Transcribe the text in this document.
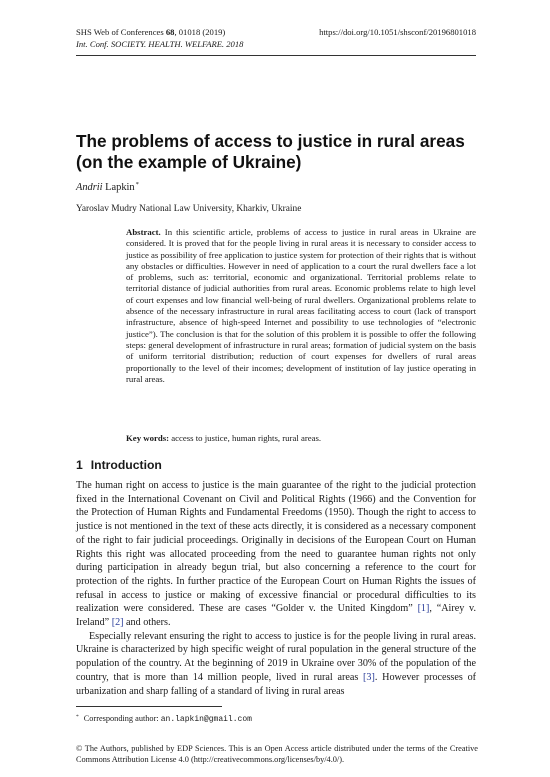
SHS Web of Conferences 68, 01018 (2019)	https://doi.org/10.1051/shsconf/20196801018
Int. Conf. SOCIETY. HEALTH. WELFARE. 2018
The problems of access to justice in rural areas
(on the example of Ukraine)
Andrii Lapkin*
Yaroslav Mudry National Law University, Kharkiv, Ukraine
Abstract. In this scientific article, problems of access to justice in rural areas in Ukraine are considered. It is proved that for the people living in rural areas it is necessary to consider access to justice as possibility of free application to justice system for protection of their rights that is without any obstacles or difficulties. However in need of application to a court the rural dwellers face a lot of problems, such as: territorial, economic and organizational. Territorial problems relate to territorial distance of judicial authorities from rural areas. Economic problems relate to high level of court expenses and low financial well-being of rural dwellers. Organizational problems relate to absence of the necessary infrastructure in rural areas facilitating access to court (lack of transport infrastructure, absence of high-speed Internet and possibility to use technologies of “electronic justice”). The conclusion is that for the solution of this problem it is possible to offer the following steps: general development of infrastructure in rural areas; formation of judicial system on the basis of uniform territorial distribution; reduction of court expenses for dwellers of rural areas proportionally to the level of their incomes; development of institution of lay justice operating in rural areas.
Key words: access to justice, human rights, rural areas.
1 Introduction

The human right on access to justice is the main guarantee of the right to the judicial protection fixed in the International Covenant on Civil and Political Rights (1966) and the Convention for the Protection of Human Rights and Fundamental Freedoms (1950). Though the right to access to justice is not mentioned in the text of these acts directly, it is considered as a necessary component of the right to fair judicial proceedings. Originally in decisions of the European Court on Human Rights this right was allocated proceeding from the need to guarantee human rights not only during participation in already begun trial, but also concerning a reference to the court for protection of the rights. In further practice of the European Court on Human Rights the issues of refusal in access to justice or making of excessive financial or procedural difficulties to its realization were considered. These are cases “Golder v. the United Kingdom” [1], “Airey v. Ireland” [2] and others.

Especially relevant ensuring the right to access to justice is for the people living in rural areas. Ukraine is characterized by high specific weight of rural population in the general structure of the population of the country. At the beginning of 2019 in Ukraine over 30% of the population of the country, that is more than 14 million people, lived in rural areas [3]. However processes of urbanization and sharp falling of a standard of living in rural areas

* Corresponding author: an.lapkin@gmail.com
© The Authors, published by EDP Sciences. This is an Open Access article distributed under the terms of the Creative Commons Attribution License 4.0 (http://creativecommons.org/licenses/by/4.0/).
